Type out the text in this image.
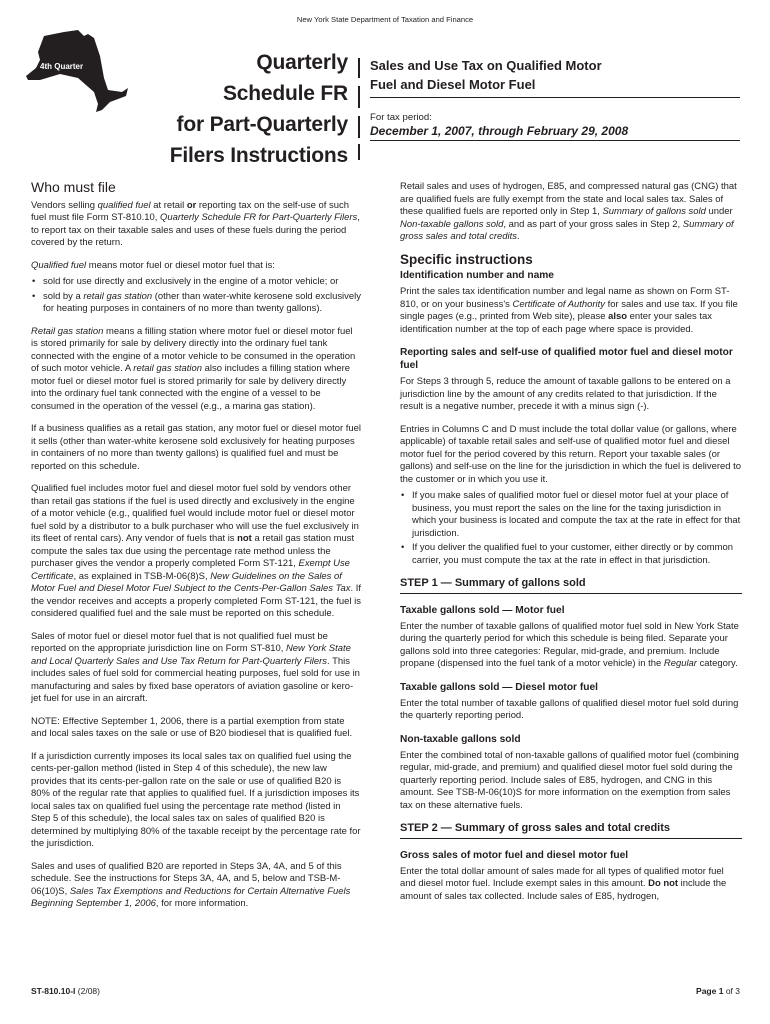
New York State Department of Taxation and Finance
4th Quarter	Quarterly
Schedule FR
for Part-Quarterly
Filers Instructions
Sales and Use Tax on Qualified Motor
Fuel and Diesel Motor Fuel
For tax period:
December 1, 2007, through February 29, 2008
Who must file

Vendors selling qualified fuel at retail or reporting tax on the self-use of such fuel must file Form ST-810.10, Quarterly Schedule FR for Part-Quarterly Filers, to report tax on their taxable sales and uses of these fuels during the period covered by the return.

Qualified fuel means motor fuel or diesel motor fuel that is:

• sold for use directly and exclusively in the engine of a motor vehicle; or
• sold by a retail gas station (other than water-white kerosene sold exclusively for heating purposes in containers of no more than twenty gallons).

Retail gas station means a filling station where motor fuel or diesel motor fuel is stored primarily for sale by delivery directly into the ordinary fuel tank connected with the engine of a motor vehicle to be consumed in the operation of such motor vehicle. A retail gas station also includes a filling station where motor fuel or diesel motor fuel is stored primarily for sale by delivery directly into the ordinary fuel tank connected with the engine of a vessel to be consumed in the operation of the vessel (e.g., a marina gas station).

If a business qualifies as a retail gas station, any motor fuel or diesel motor fuel it sells (other than water-white kerosene sold exclusively for heating purposes in containers of no more than twenty gallons) is qualified fuel and must be reported on this schedule.

Qualified fuel includes motor fuel and diesel motor fuel sold by vendors other than retail gas stations if the fuel is used directly and exclusively in the engine of a motor vehicle (e.g., qualified fuel would include motor fuel or diesel motor fuel sold by a distributor to a bulk purchaser who will use the fuel exclusively in its fleet of rental cars). Any vendor of fuels that is not a retail gas station must compute the sales tax due using the percentage rate method unless the purchaser gives the vendor a properly completed Form ST-121, Exempt Use Certificate, as explained in TSB-M-06(8)S, New Guidelines on the Sales of Motor Fuel and Diesel Motor Fuel Subject to the Cents-Per-Gallon Sales Tax. If the vendor receives and accepts a properly completed Form ST-121, the fuel is considered qualified fuel and the sale must be reported on this schedule.

Sales of motor fuel or diesel motor fuel that is not qualified fuel must be reported on the appropriate jurisdiction line on Form ST-810, New York State and Local Quarterly Sales and Use Tax Return for Part-Quarterly Filers. This includes sales of fuel sold for commercial heating purposes, fuel sold for use in manufacturing and sales by fixed base operators of aviation gasoline or kero-jet fuel for use in an aircraft.

NOTE: Effective September 1, 2006, there is a partial exemption from state and local sales taxes on the sale or use of B20 biodiesel that is qualified fuel.

If a jurisdiction currently imposes its local sales tax on qualified fuel using the cents-per-gallon method (listed in Step 4 of this schedule), the new law provides that its cents-per-gallon rate on the sale or use of qualified B20 is 80% of the regular rate that applies to qualified fuel. If a jurisdiction imposes its local sales tax on qualified fuel using the percentage rate method (listed in Step 5 of this schedule), the local sales tax on sales of qualified B20 is determined by multiplying 80% of the taxable receipt by the percentage rate for the jurisdiction.

Sales and uses of qualified B20 are reported in Steps 3A, 4A, and 5 of this schedule. See the instructions for Steps 3A, 4A, and 5, below and TSB-M-06(10)S, Sales Tax Exemptions and Reductions for Certain Alternative Fuels Beginning September 1, 2006, for more information.

Retail sales and uses of hydrogen, E85, and compressed natural gas (CNG) that are qualified fuels are fully exempt from the state and local sales tax. Sales of these qualified fuels are reported only in Step 1, Summary of gallons sold under Non-taxable gallons sold, and as part of your gross sales in Step 2, Summary of gross sales and total credits.

Specific instructions
Identification number and name

Print the sales tax identification number and legal name as shown on Form ST-810, or on your business's Certificate of Authority for sales and use tax. If you file single pages (e.g., printed from Web site), please also enter your sales tax identification number at the top of each page where space is provided.

Reporting sales and self-use of qualified motor fuel and diesel motor fuel

For Steps 3 through 5, reduce the amount of taxable gallons to be entered on a jurisdiction line by the amount of any credits related to that jurisdiction. If the result is a negative number, precede it with a minus sign (-).

Entries in Columns C and D must include the total dollar value (or gallons, where applicable) of taxable retail sales and self-use of qualified motor fuel and diesel motor fuel for the period covered by this return. Report your taxable sales (or gallons) and self-use on the line for the jurisdiction in which the fuel is delivered to the customer or in which you use it.

• If you make sales of qualified motor fuel or diesel motor fuel at your place of business, you must report the sales on the line for the taxing jurisdiction in which your business is located and compute the tax at the rate in effect for that jurisdiction.
• If you deliver the qualified fuel to your customer, either directly or by common carrier, you must compute the tax at the rate in effect in that jurisdiction.
STEP 1 — Summary of gallons sold
Taxable gallons sold — Motor fuel

Enter the number of taxable gallons of qualified motor fuel sold in New York State during the quarterly period for which this schedule is being filed. Separate your gallons sold into three categories: Regular, mid-grade, and premium. Include propane (dispensed into the fuel tank of a motor vehicle) in the Regular category.

Taxable gallons sold — Diesel motor fuel

Enter the total number of taxable gallons of qualified diesel motor fuel sold during the quarterly reporting period.

Non-taxable gallons sold

Enter the combined total of non-taxable gallons of qualified motor fuel (combining regular, mid-grade, and premium) and qualified diesel motor fuel sold during the quarterly reporting period. Include sales of E85, hydrogen, and CNG in this amount. See TSB-M-06(10)S for more information on the exemption from sales tax on these alternative fuels.

STEP 2 — Summary of gross sales and total credits
Gross sales of motor fuel and diesel motor fuel

Enter the total dollar amount of sales made for all types of qualified motor fuel and diesel motor fuel. Include exempt sales in this amount. Do not include the amount of sales tax collected. Include sales of E85, hydrogen,

ST-810.10-I (2/08)	Page 1 of 3
